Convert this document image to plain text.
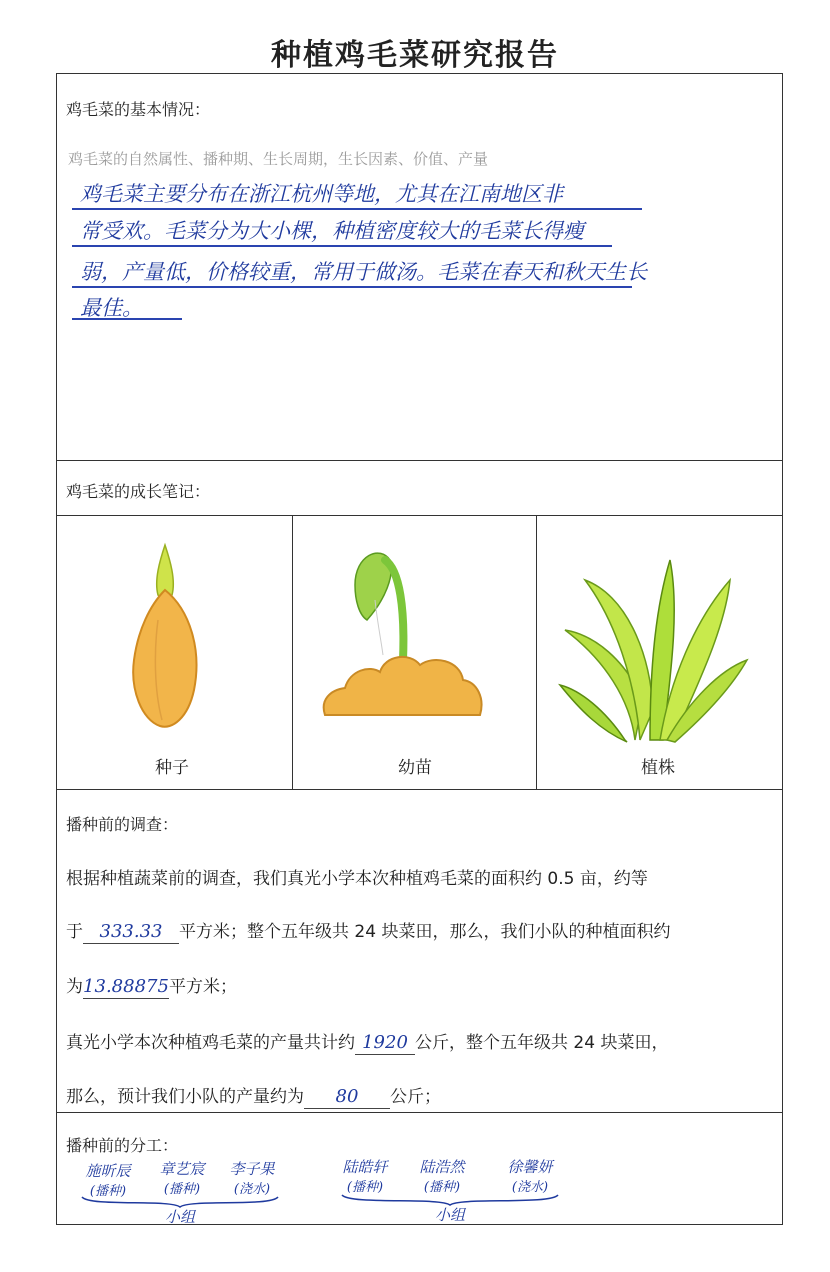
种植鸡毛菜研究报告
鸡毛菜的基本情况：
鸡毛菜的自然属性、播种期、生长周期，生长因素、价值、产量
鸡毛菜主要分布在浙江杭州等地，尤其在江南地区非
常受欢。毛菜分为大小棵，种植密度较大的毛菜长得瘦
弱，产量低，价格较重，常用于做汤。毛菜在春天和秋天生长
最佳。
鸡毛菜的成长笔记：
种子	幼苗	植株
播种前的调查：
根据种植蔬菜前的调查，我们真光小学本次种植鸡毛菜的面积约 0.5 亩，约等
于 333.33 平方米；整个五年级共 24 块菜田，那么，我们小队的种植面积约
为13.88875平方米；
真光小学本次种植鸡毛菜的产量共计约 1920 公斤，整个五年级共 24 块菜田，
那么，预计我们小队的产量约为 80 公斤；
播种前的分工：
施昕辰
(播种)
章艺宸
(播种)
李子果
(浇水)
小组
陆皓轩
(播种)
陆浩然
(播种)
徐馨妍
(浇水)
小组
